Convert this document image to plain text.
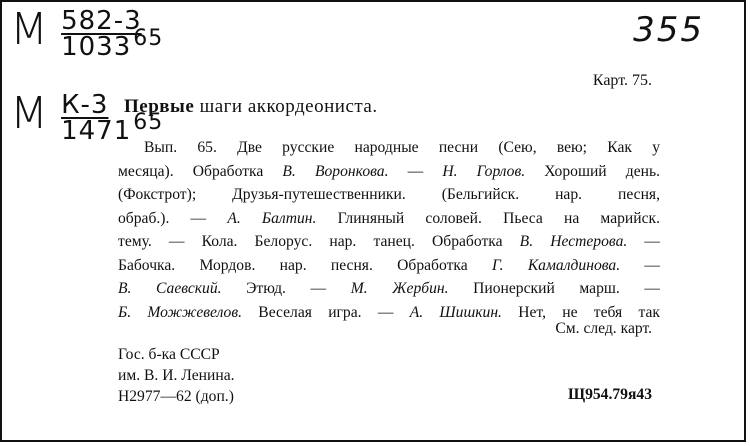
М $\frac{582-3}{1033^{65}}$
М $\frac{К-3}{1471^{65}}$
355
Карт. 75.
Первые шаги аккордеониста.
Вып. 65. Две русские народные песни (Сею, вею; Как у
месяца). Обработка В. Воронкова. — Н. Горлов. Хороший день.
(Фокстрот); Друзья-путешественники. (Бельгийск. нар. песня,
обраб.). — А. Балтин. Глиняный соловей. Пьеса на марийск.
тему. — Кола. Белорус. нар. танец. Обработка В. Нестерова. —
Бабочка. Мордов. нар. песня. Обработка Г. Камалдинова. —
В. Саевский. Этюд. — М. Жербин. Пионерский марш. —
Б. Можжевелов. Веселая игра. — А. Шишкин. Нет, не тебя так
См. след. карт.
Гос. б-ка СССР
им. В. И. Ленина.
Н2977—62 (доп.)	Щ954.79я43
